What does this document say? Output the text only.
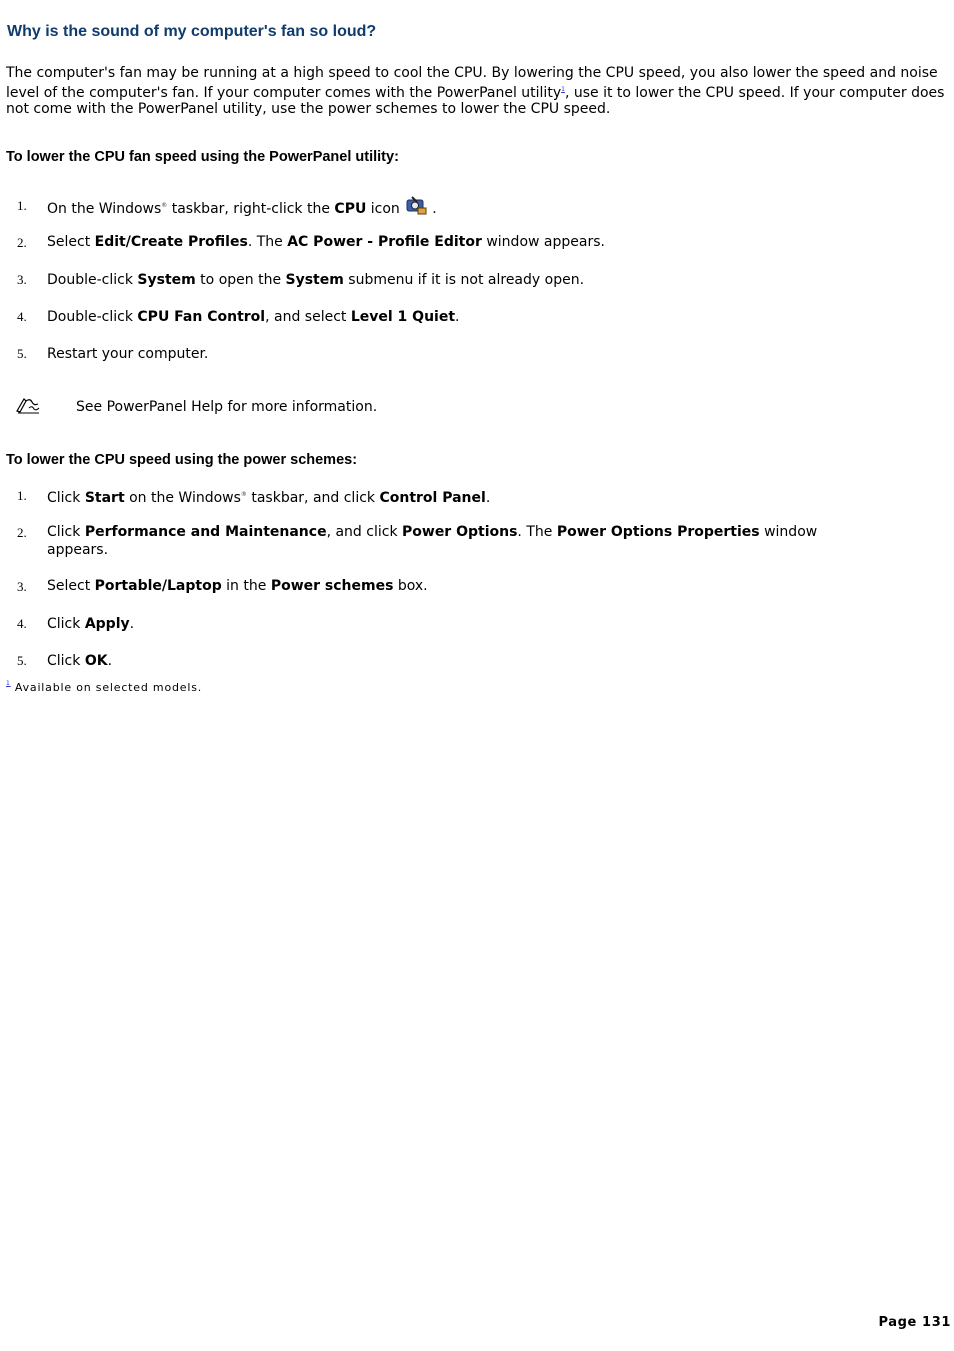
Why is the sound of my computer's fan so loud?

The computer's fan may be running at a high speed to cool the CPU. By lowering the CPU speed, you also lower the speed and noise level of the computer's fan. If your computer comes with the PowerPanel utility$^1$, use it to lower the CPU speed. If your computer does not come with the PowerPanel utility, use the power schemes to lower the CPU speed.

To lower the CPU fan speed using the PowerPanel utility:
1. On the Windows® taskbar, right-click the CPU icon .
2. Select Edit/Create Profiles. The AC Power - Profile Editor window appears.
3. Double-click System to open the System submenu if it is not already open.
4. Double-click CPU Fan Control, and select Level 1 Quiet.
5. Restart your computer.
See PowerPanel Help for more information.
To lower the CPU speed using the power schemes:
1. Click Start on the Windows® taskbar, and click Control Panel.
2. Click Performance and Maintenance, and click Power Options. The Power Options Properties window appears.
3. Select Portable/Laptop in the Power schemes box.
4. Click Apply.
5. Click OK.
$^1$ Available on selected models.
Page 131
